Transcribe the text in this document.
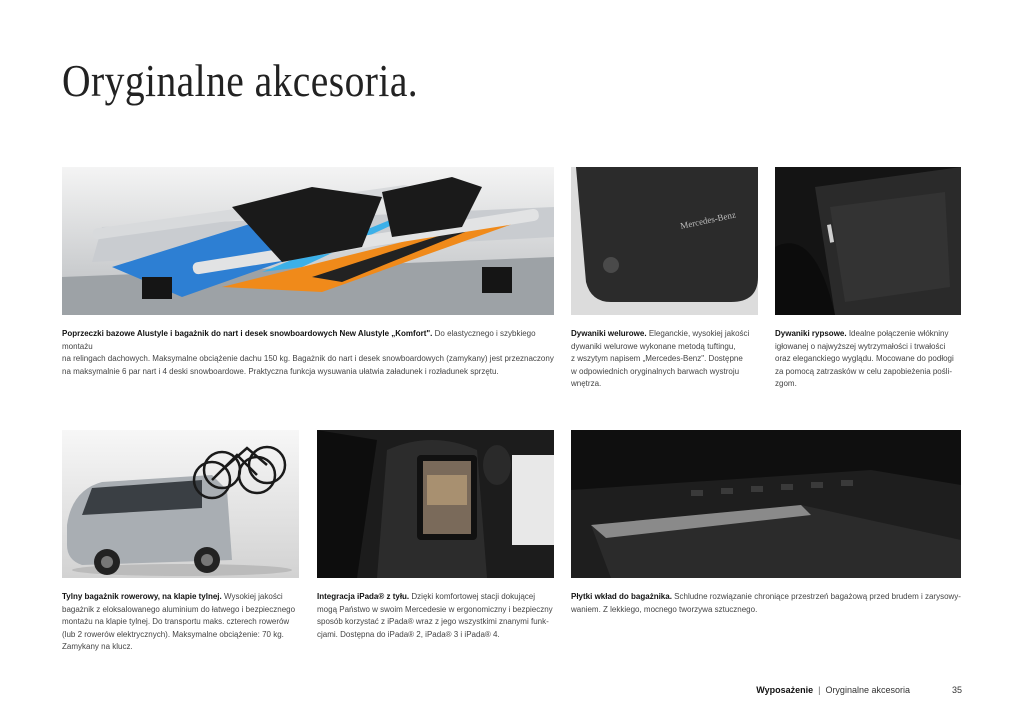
Oryginalne akcesoria.
Mercedes-Benz
Poprzeczki bazowe Alustyle i bagażnik do nart i desek snowboardowych New Alustyle „Komfort". Do elastycznego i szybkiego montażu
na relingach dachowych. Maksymalne obciążenie dachu 150 kg. Bagażnik do nart i desek snowboardowych (zamykany) jest przeznaczony
na maksymalnie 6 par nart i 4 deski snowboardowe. Praktyczna funkcja wysuwania ułatwia załadunek i rozładunek sprzętu.
Dywaniki welurowe. Eleganckie, wysokiej jakości
dywaniki welurowe wykonane metodą tuftingu,
z wszytym napisem „Mercedes-Benz". Dostępne
w odpowiednich oryginalnych barwach wystroju
wnętrza.
Dywaniki rypsowe. Idealne połączenie włókniny
igłowanej o najwyższej wytrzymałości i trwałości
oraz eleganckiego wyglądu. Mocowane do podłogi
za pomocą zatrzasków w celu zapobieżenia pośli-
zgom.
Tylny bagażnik rowerowy, na klapie tylnej. Wysokiej jakości
bagażnik z eloksalowanego aluminium do łatwego i bezpiecznego
montażu na klapie tylnej. Do transportu maks. czterech rowerów
(lub 2 rowerów elektrycznych). Maksymalne obciążenie: 70 kg.
Zamykany na klucz.
Integracja iPada® z tyłu. Dzięki komfortowej stacji dokującej
mogą Państwo w swoim Mercedesie w ergonomiczny i bezpieczny
sposób korzystać z iPada® wraz z jego wszystkimi znanymi funk-
cjami. Dostępna do iPada® 2, iPada® 3 i iPada® 4.
Płytki wkład do bagażnika. Schludne rozwiązanie chroniące przestrzeń bagażową przed brudem i zarysowy-
waniem. Z lekkiego, mocnego tworzywa sztucznego.
Wyposażenie | Oryginalne akcesoria	35
